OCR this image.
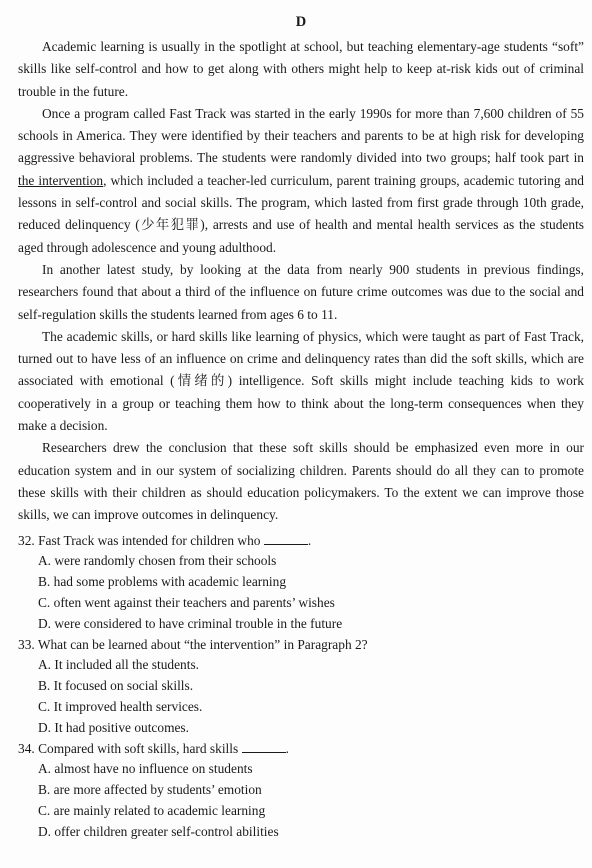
D

Academic learning is usually in the spotlight at school, but teaching elementary-age students “soft” skills like self-control and how to get along with others might help to keep at-risk kids out of criminal trouble in the future.

Once a program called Fast Track was started in the early 1990s for more than 7,600 children of 55 schools in America. They were identified by their teachers and parents to be at high risk for developing aggressive behavioral problems. The students were randomly divided into two groups; half took part in the intervention, which included a teacher-led curriculum, parent training groups, academic tutoring and lessons in self-control and social skills. The program, which lasted from first grade through 10th grade, reduced delinquency (少年犯罪), arrests and use of health and mental health services as the students aged through adolescence and young adulthood.

In another latest study, by looking at the data from nearly 900 students in previous findings, researchers found that about a third of the influence on future crime outcomes was due to the social and self-regulation skills the students learned from ages 6 to 11.

The academic skills, or hard skills like learning of physics, which were taught as part of Fast Track, turned out to have less of an influence on crime and delinquency rates than did the soft skills, which are associated with emotional (情绪的) intelligence. Soft skills might include teaching kids to work cooperatively in a group or teaching them how to think about the long-term consequences when they make a decision.

Researchers drew the conclusion that these soft skills should be emphasized even more in our education system and in our system of socializing children. Parents should do all they can to promote these skills with their children as should education policymakers. To the extent we can improve those skills, we can improve outcomes in delinquency.

32. Fast Track was intended for children who	.

A. were randomly chosen from their schools

B. had some problems with academic learning

C. often went against their teachers and parents’ wishes

D. were considered to have criminal trouble in the future

33. What can be learned about “the intervention” in Paragraph 2?

A. It included all the students.

B. It focused on social skills.

C. It improved health services.

D. It had positive outcomes.

34. Compared with soft skills, hard skills	.

A. almost have no influence on students

B. are more affected by students’ emotion

C. are mainly related to academic learning

D. offer children greater self-control abilities
